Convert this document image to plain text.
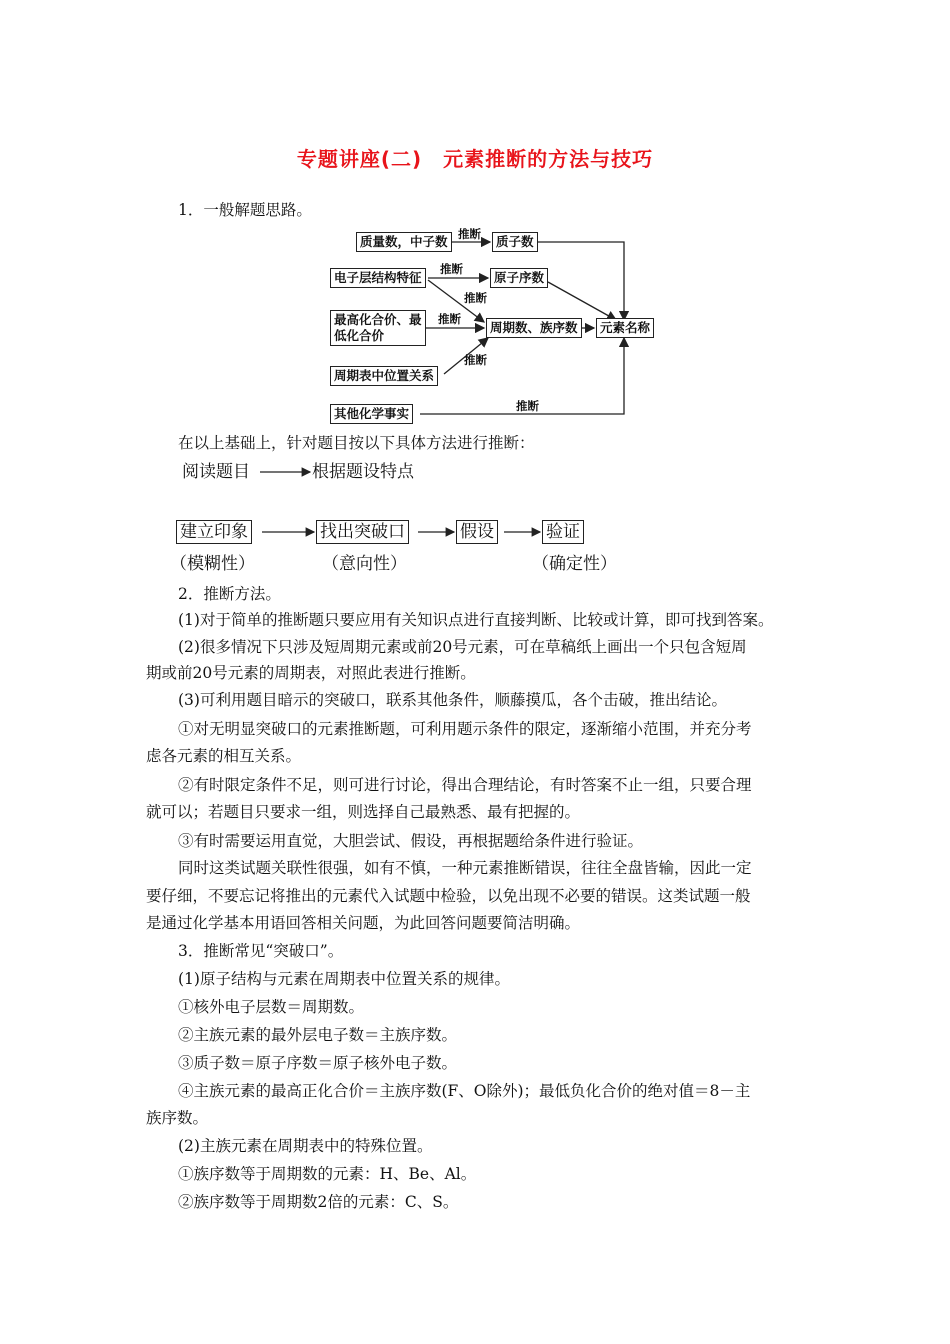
专题讲座(二)　元素推断的方法与技巧
1．一般解题思路。
质量数，中子数	质子数
电子层结构特征	原子序数
最高化合价、最
低化合价
周期数、族序数	元素名称
周期表中位置关系
其他化学事实
推断
推断
推断
推断
推断
推断
在以上基础上，针对题目按以下具体方法进行推断：
阅读题目	根据题设特点
建立印象	找出突破口	假设	验证
（模糊性）	（意向性）	（确定性）
2．推断方法。
(1)对于简单的推断题只要应用有关知识点进行直接判断、比较或计算，即可找到答案。
(2)很多情况下只涉及短周期元素或前20号元素，可在草稿纸上画出一个只包含短周
期或前20号元素的周期表，对照此表进行推断。
(3)可利用题目暗示的突破口，联系其他条件，顺藤摸瓜，各个击破，推出结论。
①对无明显突破口的元素推断题，可利用题示条件的限定，逐渐缩小范围，并充分考
虑各元素的相互关系。
②有时限定条件不足，则可进行讨论，得出合理结论，有时答案不止一组，只要合理
就可以；若题目只要求一组，则选择自己最熟悉、最有把握的。
③有时需要运用直觉，大胆尝试、假设，再根据题给条件进行验证。
同时这类试题关联性很强，如有不慎，一种元素推断错误，往往全盘皆输，因此一定
要仔细，不要忘记将推出的元素代入试题中检验，以免出现不必要的错误。这类试题一般
是通过化学基本用语回答相关问题，为此回答问题要简洁明确。
3．推断常见“突破口”。
(1)原子结构与元素在周期表中位置关系的规律。
①核外电子层数＝周期数。
②主族元素的最外层电子数＝主族序数。
③质子数＝原子序数＝原子核外电子数。
④主族元素的最高正化合价＝主族序数(F、O除外)；最低负化合价的绝对值＝8－主
族序数。
(2)主族元素在周期表中的特殊位置。
①族序数等于周期数的元素：H、Be、Al。
②族序数等于周期数2倍的元素：C、S。
